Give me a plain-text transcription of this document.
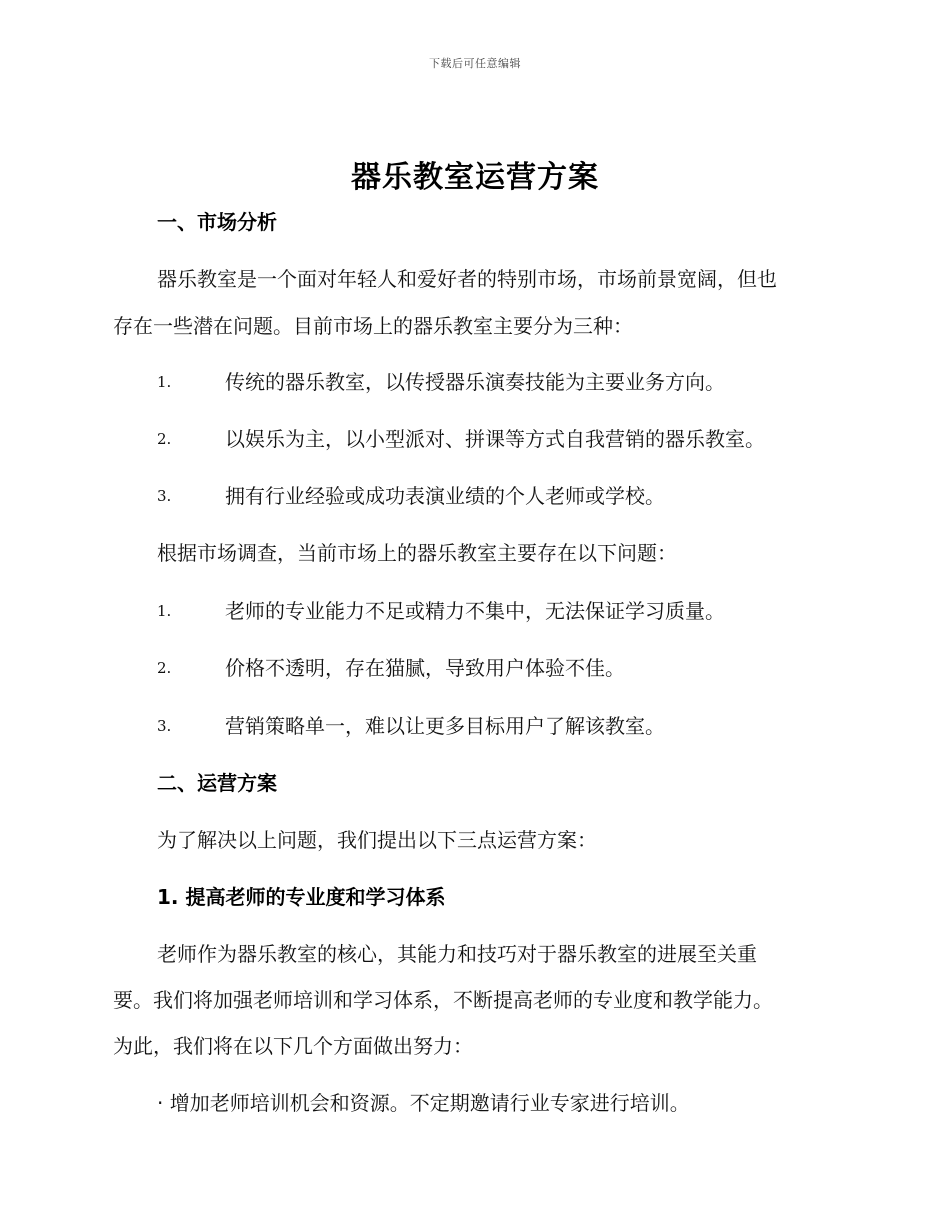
下载后可任意编辑
器乐教室运营方案
一、市场分析
器乐教室是一个面对年轻人和爱好者的特别市场，市场前景宽阔，但也
存在一些潜在问题。目前市场上的器乐教室主要分为三种：
1.	传统的器乐教室，以传授器乐演奏技能为主要业务方向。
2.	以娱乐为主，以小型派对、拼课等方式自我营销的器乐教室。
3.	拥有行业经验或成功表演业绩的个人老师或学校。
根据市场调查，当前市场上的器乐教室主要存在以下问题：
1.	老师的专业能力不足或精力不集中，无法保证学习质量。
2.	价格不透明，存在猫腻，导致用户体验不佳。
3.	营销策略单一，难以让更多目标用户了解该教室。
二、运营方案
为了解决以上问题，我们提出以下三点运营方案：
1. 提高老师的专业度和学习体系
老师作为器乐教室的核心，其能力和技巧对于器乐教室的进展至关重
要。我们将加强老师培训和学习体系，不断提高老师的专业度和教学能力。
为此，我们将在以下几个方面做出努力：
· 增加老师培训机会和资源。不定期邀请行业专家进行培训。
